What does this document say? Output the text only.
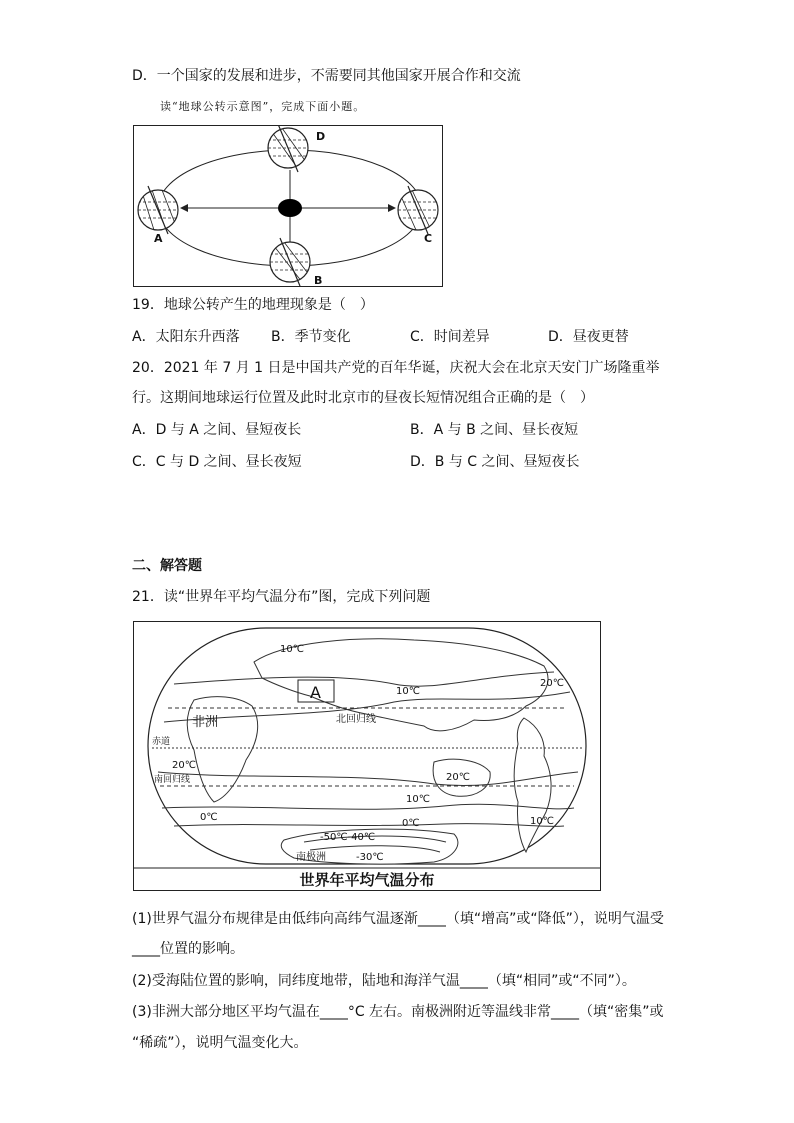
D．一个国家的发展和进步，不需要同其他国家开展合作和交流
读“地球公转示意图”，完成下面小题。
A
B
C
D
19．地球公转产生的地理现象是（　）
A．太阳东升西落 B．季节变化	C．时间差异	D．昼夜更替
20．2021 年 7 月 1 日是中国共产党的百年华诞，庆祝大会在北京天安门广场隆重举
行。这期间地球运行位置及此时北京市的昼夜长短情况组合正确的是（　）
A．D 与 A 之间、昼短夜长	B．A 与 B 之间、昼长夜短
C．C 与 D 之间、昼长夜短	D．B 与 C 之间、昼短夜长
二、解答题
21．读“世界年平均气温分布”图，完成下列问题
非洲
A
北回归线
赤道
南回归线
南极洲
10℃
10℃
20℃
20℃
20℃
10℃
0℃
0℃	10℃
-50℃-40℃
-30℃
世界年平均气温分布
(1)世界气温分布规律是由低纬向高纬气温逐渐____（填“增高”或“降低”），说明气温受
____位置的影响。
(2)受海陆位置的影响，同纬度地带，陆地和海洋气温____（填“相同”或“不同”）。
(3)非洲大部分地区平均气温在____°C 左右。南极洲附近等温线非常____（填“密集”或
“稀疏”），说明气温变化大。
